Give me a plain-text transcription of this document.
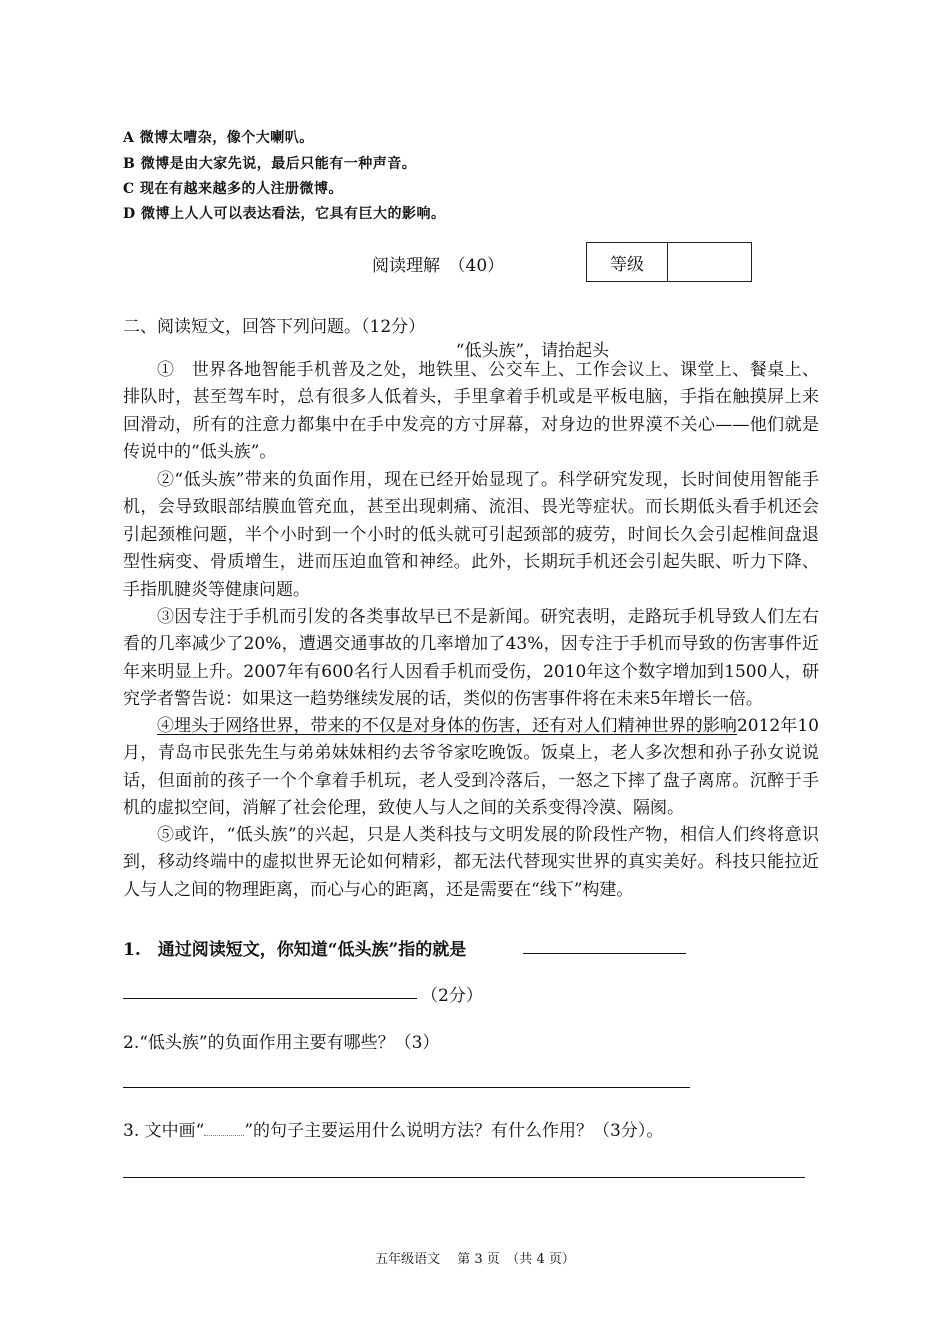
A 微博太嘈杂，像个大喇叭。
B 微博是由大家先说，最后只能有一种声音。
C 现在有越来越多的人注册微博。
D 微博上人人可以表达看法，它具有巨大的影响。
阅读理解　（40）	等级
二、阅读短文，回答下列问题。（12分）
“低头族”，请抬起头
①　世界各地智能手机普及之处，地铁里、公交车上、工作会议上、课堂上、餐桌上、排队时，甚至驾车时，总有很多人低着头，手里拿着手机或是平板电脑，手指在触摸屏上来回滑动，所有的注意力都集中在手中发亮的方寸屏幕，对身边的世界漠不关心——他们就是传说中的“低头族”。
②“低头族”带来的负面作用，现在已经开始显现了。科学研究发现，长时间使用智能手机，会导致眼部结膜血管充血，甚至出现刺痛、流泪、畏光等症状。而长期低头看手机还会引起颈椎问题，半个小时到一个小时的低头就可引起颈部的疲劳，时间长久会引起椎间盘退型性病变、骨质增生，进而压迫血管和神经。此外，长期玩手机还会引起失眠、听力下降、手指肌腱炎等健康问题。
③因专注于手机而引发的各类事故早已不是新闻。研究表明，走路玩手机导致人们左右看的几率减少了20%，遭遇交通事故的几率增加了43%，因专注于手机而导致的伤害事件近年来明显上升。2007年有600名行人因看手机而受伤，2010年这个数字增加到1500人，研究学者警告说：如果这一趋势继续发展的话，类似的伤害事件将在未来5年增长一倍。
④埋头于网络世界，带来的不仅是对身体的伤害，还有对人们精神世界的影响2012年10月，青岛市民张先生与弟弟妹妹相约去爷爷家吃晚饭。饭桌上，老人多次想和孙子孙女说说话，但面前的孩子一个个拿着手机玩，老人受到冷落后，一怒之下摔了盘子离席。沉醉于手机的虚拟空间，消解了社会伦理，致使人与人之间的关系变得冷漠、隔阂。
⑤或许，“低头族”的兴起，只是人类科技与文明发展的阶段性产物，相信人们终将意识到，移动终端中的虚拟世界无论如何精彩，都无法代替现实世界的真实美好。科技只能拉近人与人之间的物理距离，而心与心的距离，还是需要在“线下”构建。
1.　通过阅读短文，你知道“低头族”指的就是
（2分）
2.“低头族”的负面作用主要有哪些？（3）
3. 文中画“ ”的句子主要运用什么说明方法？有什么作用？（3分）。
五年级语文　 第 3 页　（共 4 页）
